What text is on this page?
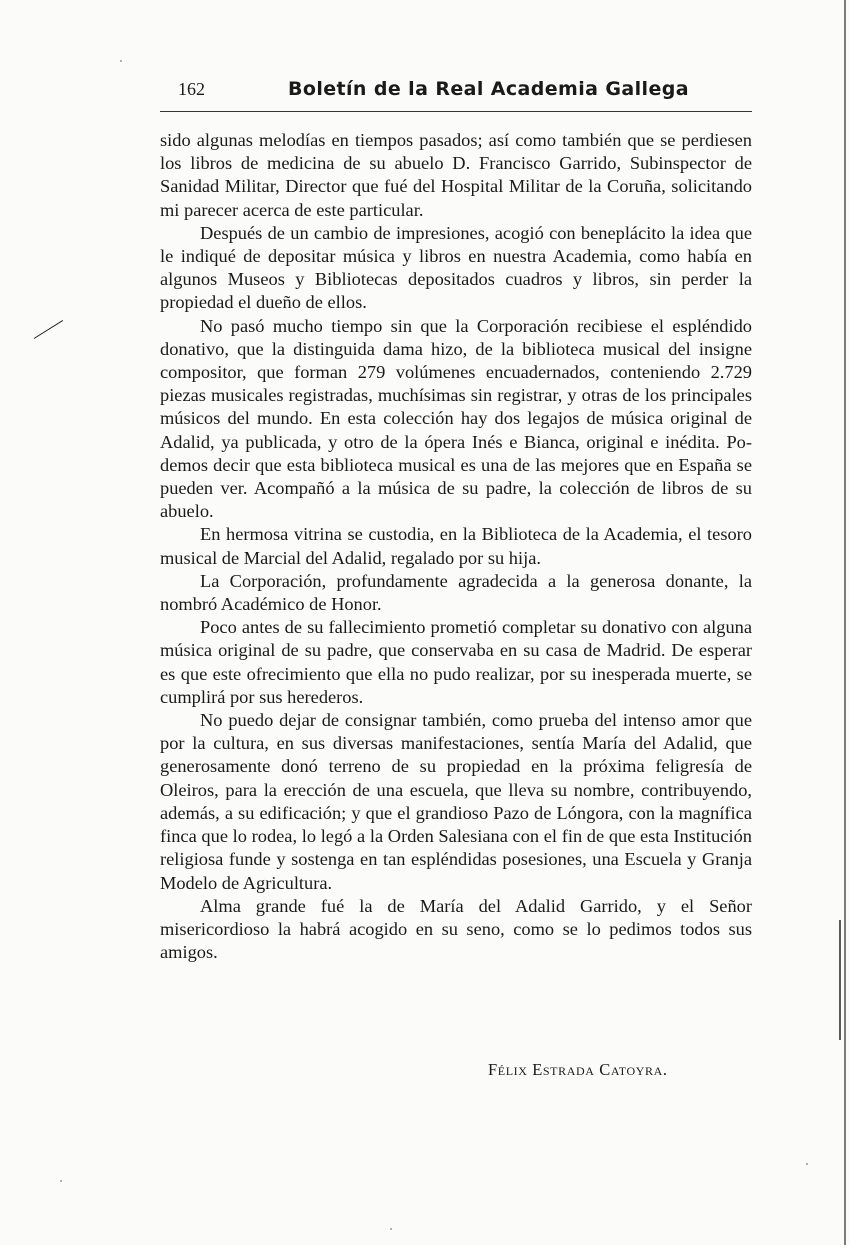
162	Boletín de la Real Academia Gallega

sido algunas melodías en tiempos pasados; así como también que se perdiesen los libros de medicina de su abuelo D. Francisco Garrido, Subinspector de Sanidad Militar, Director que fué del Hospital Militar de la Coruña, solicitando mi parecer acerca de este particular.

Después de un cambio de impresiones, acogió con beneplácito la idea que le indiqué de depositar música y libros en nuestra Academia, como había en algunos Museos y Bibliotecas depositados cuadros y libros, sin perder la propiedad el dueño de ellos.

No pasó mucho tiempo sin que la Corporación recibiese el espléndido donativo, que la distinguida dama hizo, de la biblioteca musical del insigne compositor, que forman 279 volúmenes encuadernados, conteniendo 2.729 piezas musicales registradas, muchísimas sin registrar, y otras de los principales músicos del mundo. En esta colección hay dos legajos de música original de Adalid, ya publicada, y otro de la ópera Inés e Bianca, original e inédita. Podemos decir que esta biblioteca musical es una de las mejores que en España se pueden ver. Acompañó a la música de su padre, la colección de libros de su abuelo.

En hermosa vitrina se custodia, en la Biblioteca de la Academia, el tesoro musical de Marcial del Adalid, regalado por su hija.

La Corporación, profundamente agradecida a la generosa donante, la nombró Académico de Honor.

Poco antes de su fallecimiento prometió completar su donativo con alguna música original de su padre, que conservaba en su casa de Madrid. De esperar es que este ofrecimiento que ella no pudo realizar, por su inesperada muerte, se cumplirá por sus herederos.

No puedo dejar de consignar también, como prueba del intenso amor que por la cultura, en sus diversas manifestaciones, sentía María del Adalid, que generosamente donó terreno de su propiedad en la próxima feligresía de Oleiros, para la erección de una escuela, que lleva su nombre, contribuyendo, además, a su edificación; y que el grandioso Pazo de Lóngora, con la magnífica finca que lo rodea, lo legó a la Orden Salesiana con el fin de que esta Institución religiosa funde y sostenga en tan espléndidas posesiones, una Escuela y Granja Modelo de Agricultura.

Alma grande fué la de María del Adalid Garrido, y el Señor misericordioso la habrá acogido en su seno, como se lo pedimos todos sus amigos.

Félix Estrada Catoyra.
